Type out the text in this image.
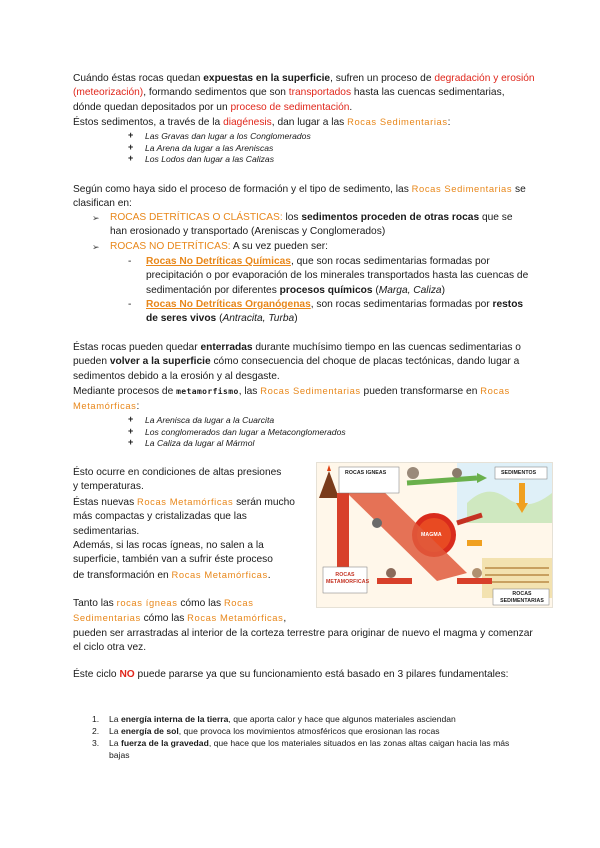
Cuándo éstas rocas quedan expuestas en la superficie, sufren un proceso de degradación y erosión (meteorización), formando sedimentos que son transportados hasta las cuencas sedimentarias, dónde quedan depositados por un proceso de sedimentación.
Éstos sedimentos, a través de la diagénesis, dan lugar a las Rocas Sedimentarias:
+ Las Gravas dan lugar a los Conglomerados
+ La Arena da lugar a las Areniscas
+ Los Lodos dan lugar a las Calizas
Según como haya sido el proceso de formación y el tipo de sedimento, las Rocas Sedimentarias se clasifican en:
➢	ROCAS DETRÍTICAS O CLÁSTICAS: los sedimentos proceden de otras rocas que se han erosionado y transportado (Areniscas y Conglomerados)
➢	ROCAS NO DETRÍTICAS: A su vez pueden ser:
-	Rocas No Detríticas Químicas, que son rocas sedimentarias formadas por precipitación o por evaporación de los minerales transportados hasta las cuencas de sedimentación por diferentes procesos químicos (Marga, Caliza)
-	Rocas No Detríticas Organógenas, son rocas sedimentarias formadas por restos de seres vivos (Antracita, Turba)
Éstas rocas pueden quedar enterradas durante muchísimo tiempo en las cuencas sedimentarias o pueden volver a la superficie cómo consecuencia del choque de placas tectónicas, dando lugar a sedimentos debido a la erosión y al desgaste.
Mediante procesos de metamorfismo, las Rocas Sedimentarias pueden transformarse en Rocas Metamórficas:
+ La Arenisca da lugar a la Cuarcita
+ Los conglomerados dan lugar a Metaconglomerados
+ La Caliza da lugar al Mármol
Ésto ocurre en condiciones de altas presiones
y temperaturas.
Éstas nuevas Rocas Metamórficas serán mucho
más compactas y cristalizadas que las
sedimentarias.
Además, si las rocas ígneas, no salen a la
superficie, también van a sufrir éste proceso
de transformación en Rocas Metamórficas.
ROCAS IGNEAS	SEDIMENTOS
MAGMA
ROCAS METAMORFICAS
ROCAS SEDIMENTARIAS
Tanto las rocas ígneas cómo las Rocas
Sedimentarias cómo las Rocas Metamórficas,
pueden ser arrastradas al interior de la corteza terrestre para originar de nuevo el magma y comenzar el ciclo otra vez.
Éste ciclo NO puede pararse ya que su funcionamiento está basado en 3 pilares fundamentales:
1. La energía interna de la tierra, que aporta calor y hace que algunos materiales asciendan
2. La energía de sol, que provoca los movimientos atmosféricos que erosionan las rocas
3. La fuerza de la gravedad, que hace que los materiales situados en las zonas altas caigan hacia las más bajas
